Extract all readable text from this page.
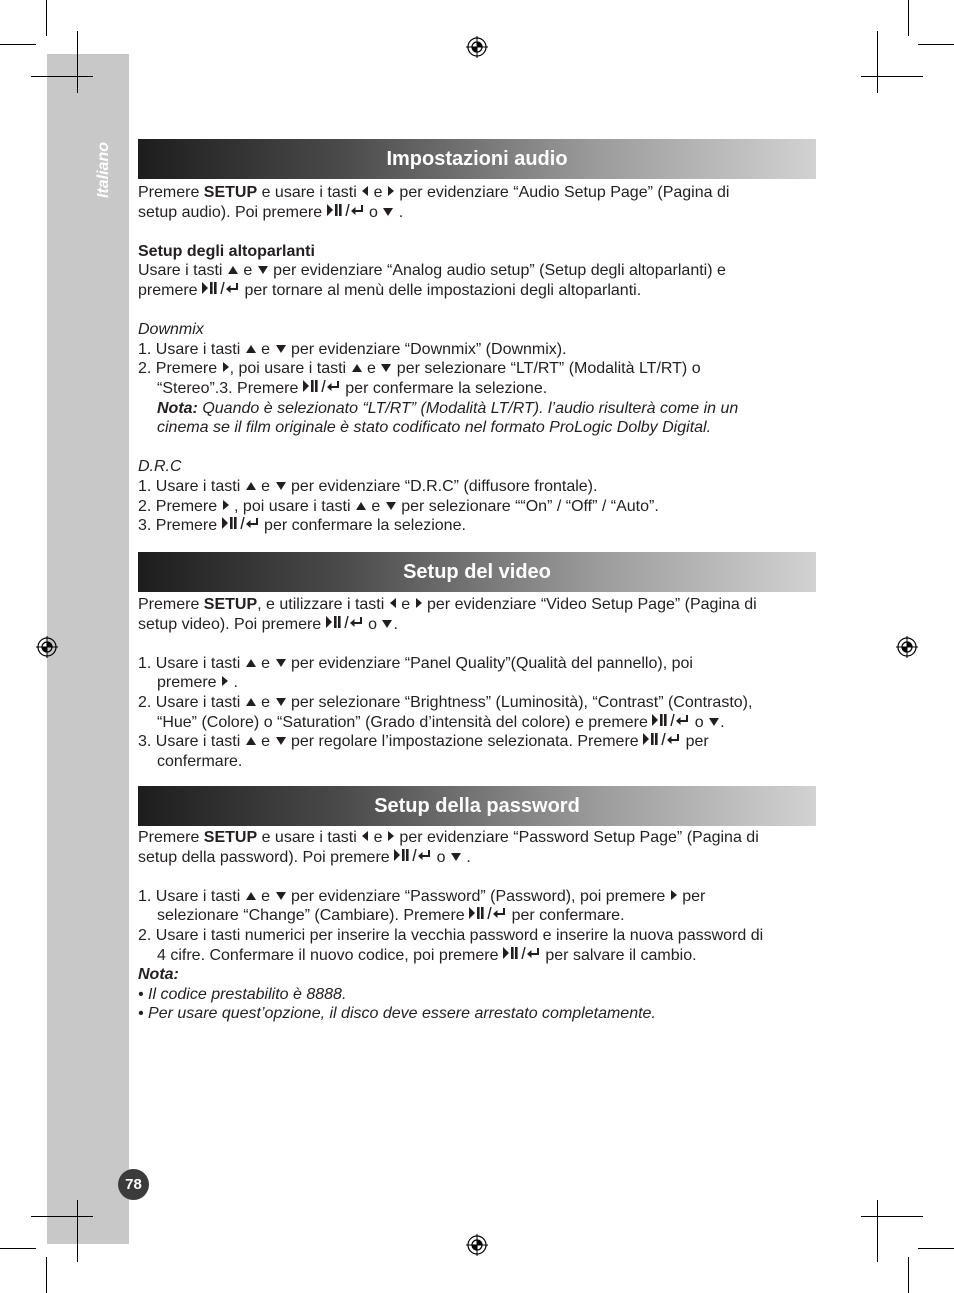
Italiano
78
Impostazioni audio

Premere SETUP e usare i tasti  e  per evidenziare “Audio Setup Page” (Pagina di

setup audio). Poi premere  o  .

Setup degli altoparlanti

Usare i tasti  e  per evidenziare “Analog audio setup” (Setup degli altoparlanti) e

premere  per tornare al menù delle impostazioni degli altoparlanti.

Downmix

1. Usare i tasti  e  per evidenziare “Downmix” (Downmix).

2. Premere , poi usare i tasti  e  per selezionare “LT/RT” (Modalità LT/RT) o

“Stereo”.3. Premere  per confermare la selezione.

Nota: Quando è selezionato “LT/RT” (Modalità LT/RT). l’audio risulterà come in un

cinema se il film originale è stato codificato nel formato ProLogic Dolby Digital.

D.R.C

1. Usare i tasti  e  per evidenziare “D.R.C” (diffusore frontale).

2. Premere  , poi usare i tasti  e  per selezionare ““On” / “Off” / “Auto”.

3. Premere  per confermare la selezione.

Setup del video

Premere SETUP, e utilizzare i tasti  e  per evidenziare “Video Setup Page” (Pagina di

setup video). Poi premere  o .

1. Usare i tasti  e  per evidenziare “Panel Quality”(Qualità del pannello), poi

premere  .

2. Usare i tasti  e  per selezionare “Brightness” (Luminosità), “Contrast” (Contrasto),

“Hue” (Colore) o “Saturation” (Grado d’intensità del colore) e premere  o .

3. Usare i tasti  e  per regolare l’impostazione selezionata. Premere  per

confermare.

Setup della password

Premere SETUP e usare i tasti  e  per evidenziare “Password Setup Page” (Pagina di

setup della password). Poi premere  o  .

1. Usare i tasti  e  per evidenziare “Password” (Password), poi premere  per

selezionare “Change” (Cambiare). Premere  per confermare.

2. Usare i tasti numerici per inserire la vecchia password e inserire la nuova password di

4 cifre. Confermare il nuovo codice, poi premere  per salvare il cambio.

Nota:

• Il codice prestabilito è 8888.

• Per usare quest’opzione, il disco deve essere arrestato completamente.
